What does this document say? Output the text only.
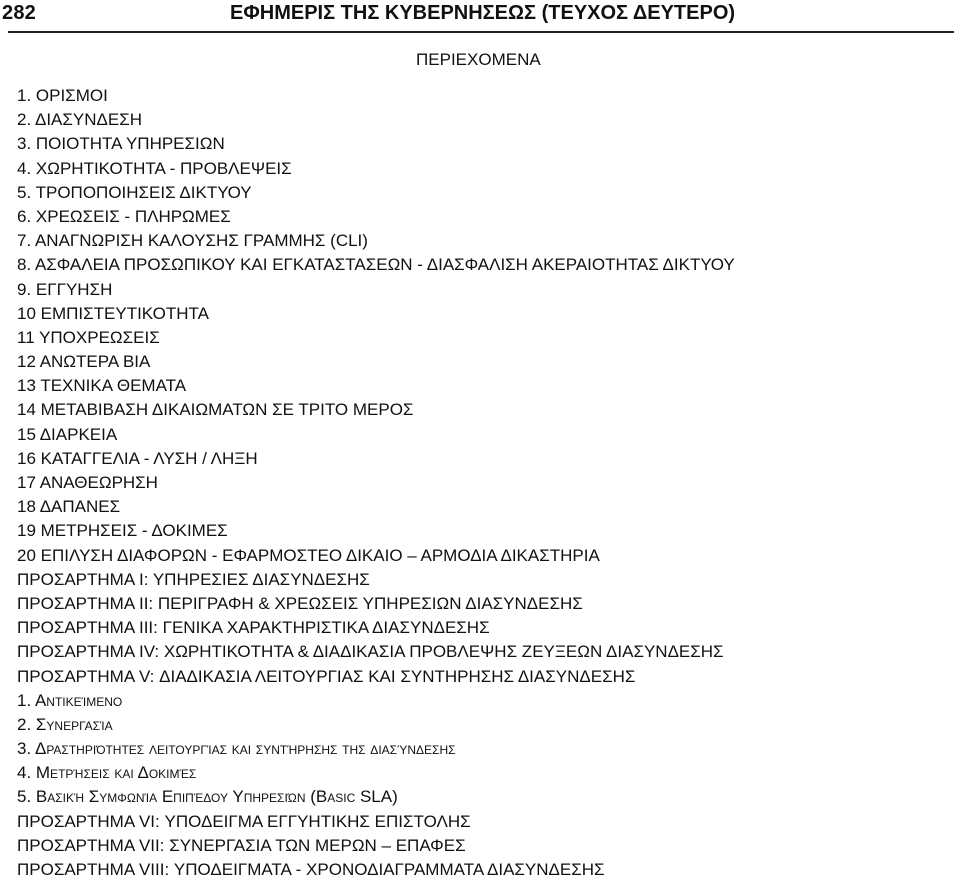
282	ΕΦΗΜΕΡΙΣ ΤΗΣ ΚΥΒΕΡΝΗΣΕΩΣ (ΤΕΥΧΟΣ ΔΕΥΤΕΡΟ)
ΠΕΡΙΕΧΟΜΕΝΑ
1. ΟΡΙΣΜΟΙ
2. ΔΙΑΣΥΝΔΕΣΗ
3. ΠΟΙΟΤΗΤΑ ΥΠΗΡΕΣΙΩΝ
4. ΧΩΡΗΤΙΚΟΤΗΤΑ - ΠΡΟΒΛΕΨΕΙΣ
5. ΤΡΟΠΟΠΟΙΗΣΕΙΣ ΔΙΚΤΥΟΥ
6. ΧΡΕΩΣΕΙΣ - ΠΛΗΡΩΜΕΣ
7. ΑΝΑΓΝΩΡΙΣΗ ΚΑΛΟΥΣΗΣ ΓΡΑΜΜΗΣ (CLI)
8. ΑΣΦΑΛΕΙΑ ΠΡΟΣΩΠΙΚΟΥ ΚΑΙ ΕΓΚΑΤΑΣΤΑΣΕΩΝ - ΔΙΑΣΦΑΛΙΣΗ ΑΚΕΡΑΙΟΤΗΤΑΣ ΔΙΚΤΥΟΥ
9. ΕΓΓΥΗΣΗ
10 ΕΜΠΙΣΤΕΥΤΙΚΟΤΗΤΑ
11 ΥΠΟΧΡΕΩΣΕΙΣ
12 ΑΝΩΤΕΡΑ ΒΙΑ
13 ΤΕΧΝΙΚΑ ΘΕΜΑΤΑ
14 ΜΕΤΑΒΙΒΑΣΗ ΔΙΚΑΙΩΜΑΤΩΝ ΣΕ ΤΡΙΤΟ ΜΕΡΟΣ
15 ΔΙΑΡΚΕΙΑ
16 ΚΑΤΑΓΓΕΛΙΑ - ΛΥΣΗ / ΛΗΞΗ
17 ΑΝΑΘΕΩΡΗΣΗ
18 ΔΑΠΑΝΕΣ
19 ΜΕΤΡΗΣΕΙΣ - ΔΟΚΙΜΕΣ
20 ΕΠΙΛΥΣΗ ΔΙΑΦΟΡΩΝ - ΕΦΑΡΜΟΣΤΕΟ ΔΙΚΑΙΟ – ΑΡΜΟΔΙΑ ΔΙΚΑΣΤΗΡΙΑ
ΠΡΟΣΑΡΤΗΜΑ Ι: ΥΠΗΡΕΣΙΕΣ ΔΙΑΣΥΝΔΕΣΗΣ
ΠΡΟΣΑΡΤΗΜΑ ΙΙ: ΠΕΡΙΓΡΑΦΗ & ΧΡΕΩΣΕΙΣ ΥΠΗΡΕΣΙΩΝ ΔΙΑΣΥΝΔΕΣΗΣ
ΠΡΟΣΑΡΤΗΜΑ ΙΙΙ: ΓΕΝΙΚΑ ΧΑΡΑΚΤΗΡΙΣΤΙΚΑ ΔΙΑΣΥΝΔΕΣΗΣ
ΠΡΟΣΑΡΤΗΜΑ ΙV: ΧΩΡΗΤΙΚΟΤΗΤΑ & ΔΙΑΔΙΚΑΣΙΑ ΠΡΟΒΛΕΨΗΣ ΖΕΥΞΕΩΝ ΔΙΑΣΥΝΔΕΣΗΣ
ΠΡΟΣΑΡΤΗΜΑ V: ΔΙΑΔΙΚΑΣΙΑ ΛΕΙΤΟΥΡΓΙΑΣ ΚΑΙ ΣΥΝΤΗΡΗΣΗΣ ΔΙΑΣΥΝΔΕΣΗΣ
1. Αντικείμενο
2. Συνεργασία
3. Δραστηριότητες λειτουργίας και συντήρησης της διασύνδεσης
4. Μετρήσεις και Δοκιμές
5. Βασική Συμφωνία Επιπέδου Υπηρεσιών (Basic SLA)
ΠΡΟΣΑΡΤΗΜΑ VI: ΥΠΟΔΕΙΓΜΑ ΕΓΓΥΗΤΙΚΗΣ ΕΠΙΣΤΟΛΗΣ
ΠΡΟΣΑΡΤΗΜΑ VII: ΣΥΝΕΡΓΑΣΙΑ ΤΩΝ ΜΕΡΩΝ – ΕΠΑΦΕΣ
ΠΡΟΣΑΡΤΗΜΑ VIII: ΥΠΟΔΕΙΓΜΑΤΑ - ΧΡΟΝΟΔΙΑΓΡΑΜΜΑΤΑ ΔΙΑΣΥΝΔΕΣΗΣ
